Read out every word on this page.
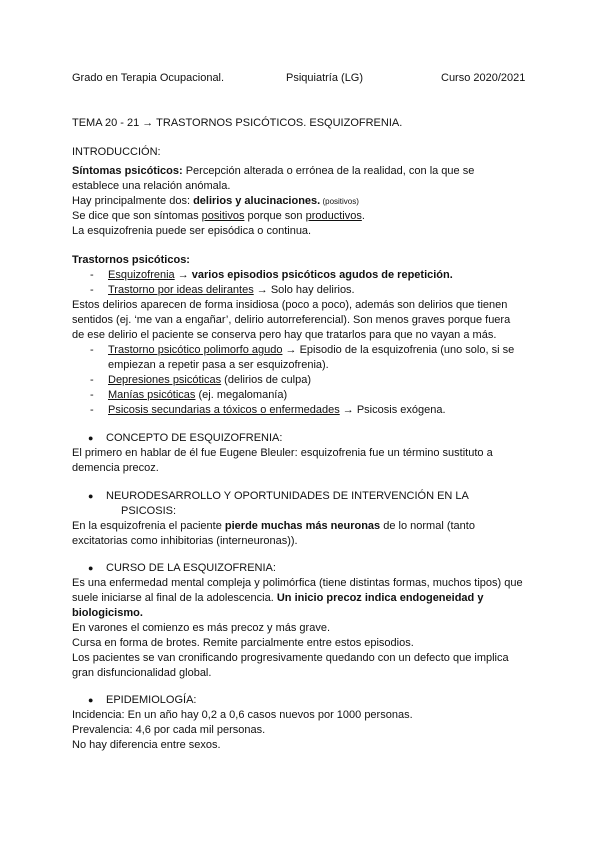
Grado en Terapia Ocupacional.	Psiquiatría (LG)	Curso 2020/2021
TEMA 20 - 21 → TRASTORNOS PSICÓTICOS. ESQUIZOFRENIA.
INTRODUCCIÓN:
Síntomas psicóticos: Percepción alterada o errónea de la realidad, con la que se
establece una relación anómala.
Hay principalmente dos: delirios y alucinaciones. (positivos)
Se dice que son síntomas positivos porque son productivos.
La esquizofrenia puede ser episódica o continua.
Trastornos psicóticos:
- Esquizofrenia → varios episodios psicóticos agudos de repetición.
- Trastorno por ideas delirantes → Solo hay delirios.
Estos delirios aparecen de forma insidiosa (poco a poco), además son delirios que tienen
sentidos (ej. ‘me van a engañar’, delirio autorreferencial). Son menos graves porque fuera
de ese delirio el paciente se conserva pero hay que tratarlos para que no vayan a más.
- Trastorno psicótico polimorfo agudo → Episodio de la esquizofrenia (uno solo, si se
empiezan a repetir pasa a ser esquizofrenia).
- Depresiones psicóticas (delirios de culpa)
- Manías psicóticas (ej. megalomanía)
- Psicosis secundarias a tóxicos o enfermedades → Psicosis exógena.
● CONCEPTO DE ESQUIZOFRENIA:
El primero en hablar de él fue Eugene Bleuler: esquizofrenia fue un término sustituto a
demencia precoz.
● NEURODESARROLLO Y OPORTUNIDADES DE INTERVENCIÓN EN LA
PSICOSIS:
En la esquizofrenia el paciente pierde muchas más neuronas de lo normal (tanto
excitatorias como inhibitorias (interneuronas)).
● CURSO DE LA ESQUIZOFRENIA:
Es una enfermedad mental compleja y polimórfica (tiene distintas formas, muchos tipos) que
suele iniciarse al final de la adolescencia. Un inicio precoz indica endogeneidad y
biologicismo.
En varones el comienzo es más precoz y más grave.
Cursa en forma de brotes. Remite parcialmente entre estos episodios.
Los pacientes se van cronificando progresivamente quedando con un defecto que implica
gran disfuncionalidad global.
● EPIDEMIOLOGÍA:
Incidencia: En un año hay 0,2 a 0,6 casos nuevos por 1000 personas.
Prevalencia: 4,6 por cada mil personas.
No hay diferencia entre sexos.
